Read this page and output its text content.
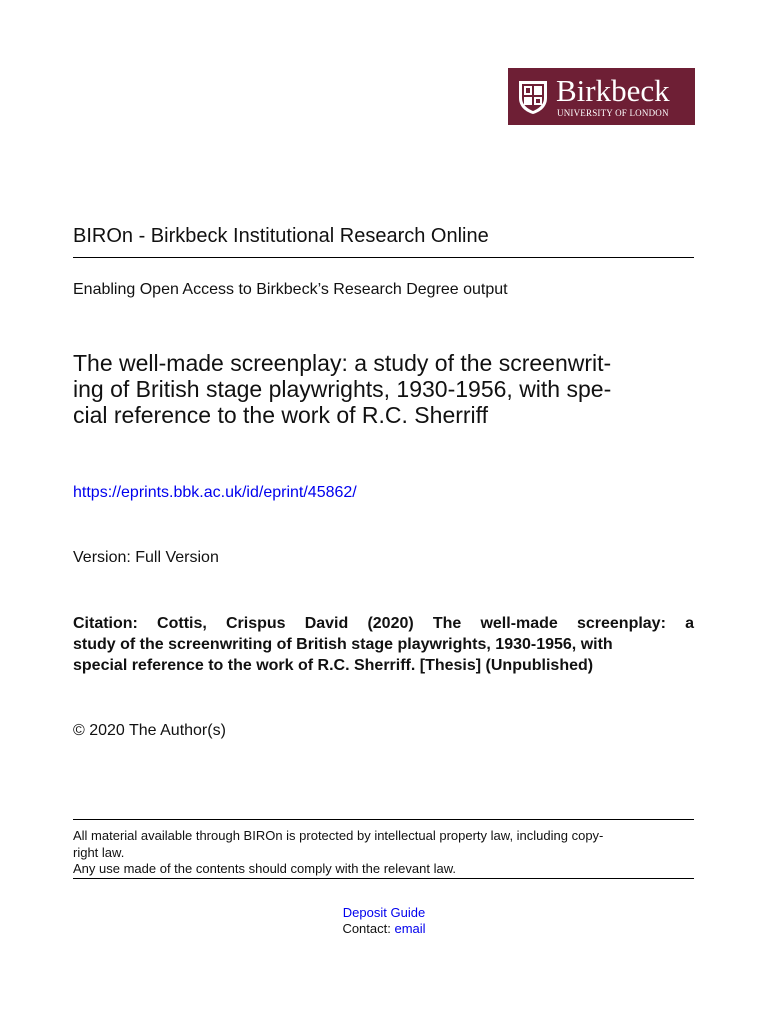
Birkbeck
UNIVERSITY OF LONDON
BIROn - Birkbeck Institutional Research Online
Enabling Open Access to Birkbeck’s Research Degree output
The well-made screenplay: a study of the screenwrit-
ing of British stage playwrights, 1930-1956, with spe-
cial reference to the work of R.C. Sherriff
https://eprints.bbk.ac.uk/id/eprint/45862/
Version: Full Version
Citation: Cottis, Crispus David (2020) The well-made screenplay: a
study of the screenwriting of British stage playwrights, 1930-1956, with
special reference to the work of R.C. Sherriff. [Thesis] (Unpublished)
© 2020 The Author(s)
All material available through BIROn is protected by intellectual property law, including copy-
right law.
Any use made of the contents should comply with the relevant law.
Deposit Guide
Contact: email
